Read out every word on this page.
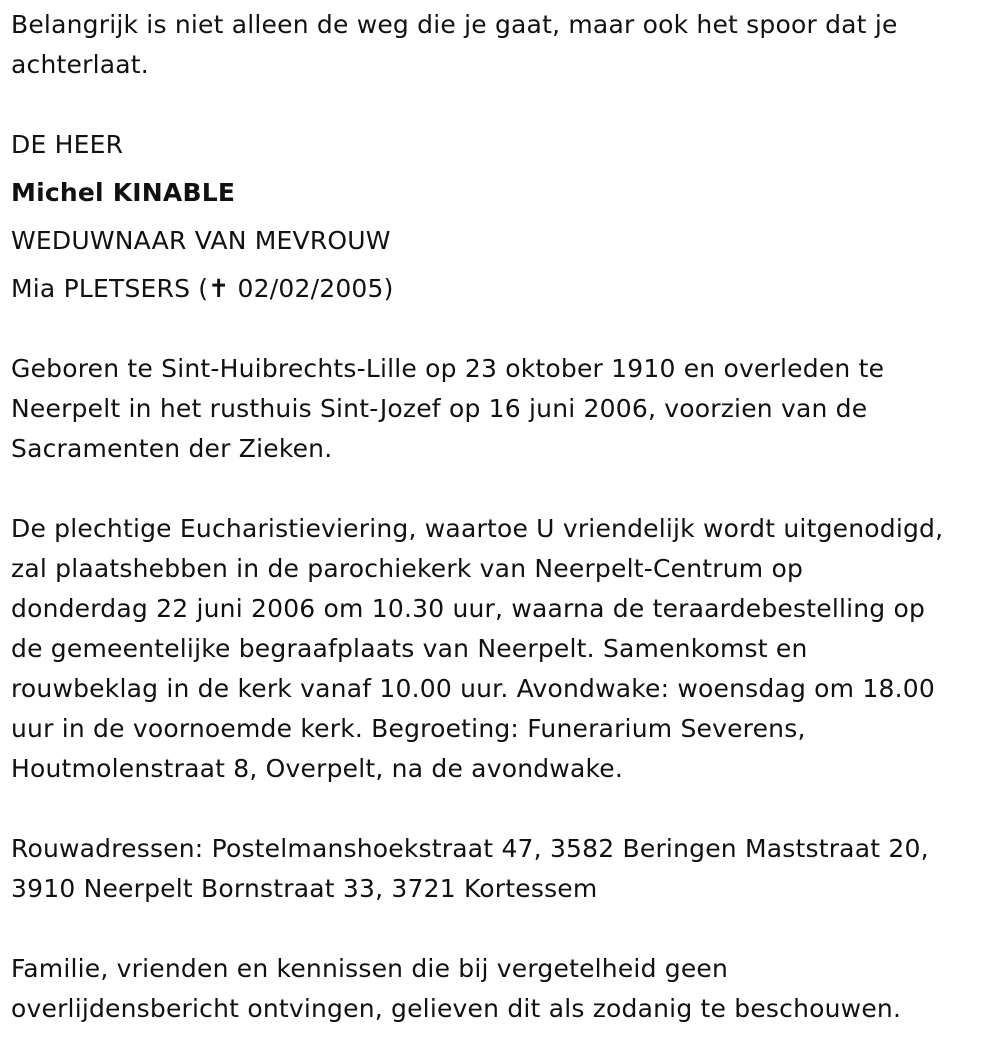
Belangrijk is niet alleen de weg die je gaat, maar ook het spoor dat je
achterlaat.
DE HEER
Michel KINABLE
WEDUWNAAR VAN MEVROUW
Mia PLETSERS (✝ 02/02/2005)
Geboren te Sint-Huibrechts-Lille op 23 oktober 1910 en overleden te
Neerpelt in het rusthuis Sint-Jozef op 16 juni 2006, voorzien van de
Sacramenten der Zieken.
De plechtige Eucharistieviering, waartoe U vriendelijk wordt uitgenodigd,
zal plaatshebben in de parochiekerk van Neerpelt-Centrum op
donderdag 22 juni 2006 om 10.30 uur, waarna de teraardebestelling op
de gemeentelijke begraafplaats van Neerpelt. Samenkomst en
rouwbeklag in de kerk vanaf 10.00 uur. Avondwake: woensdag om 18.00
uur in de voornoemde kerk. Begroeting: Funerarium Severens,
Houtmolenstraat 8, Overpelt, na de avondwake.
Rouwadressen: Postelmanshoekstraat 47, 3582 Beringen Maststraat 20,
3910 Neerpelt Bornstraat 33, 3721 Kortessem
Familie, vrienden en kennissen die bij vergetelheid geen
overlijdensbericht ontvingen, gelieven dit als zodanig te beschouwen.
